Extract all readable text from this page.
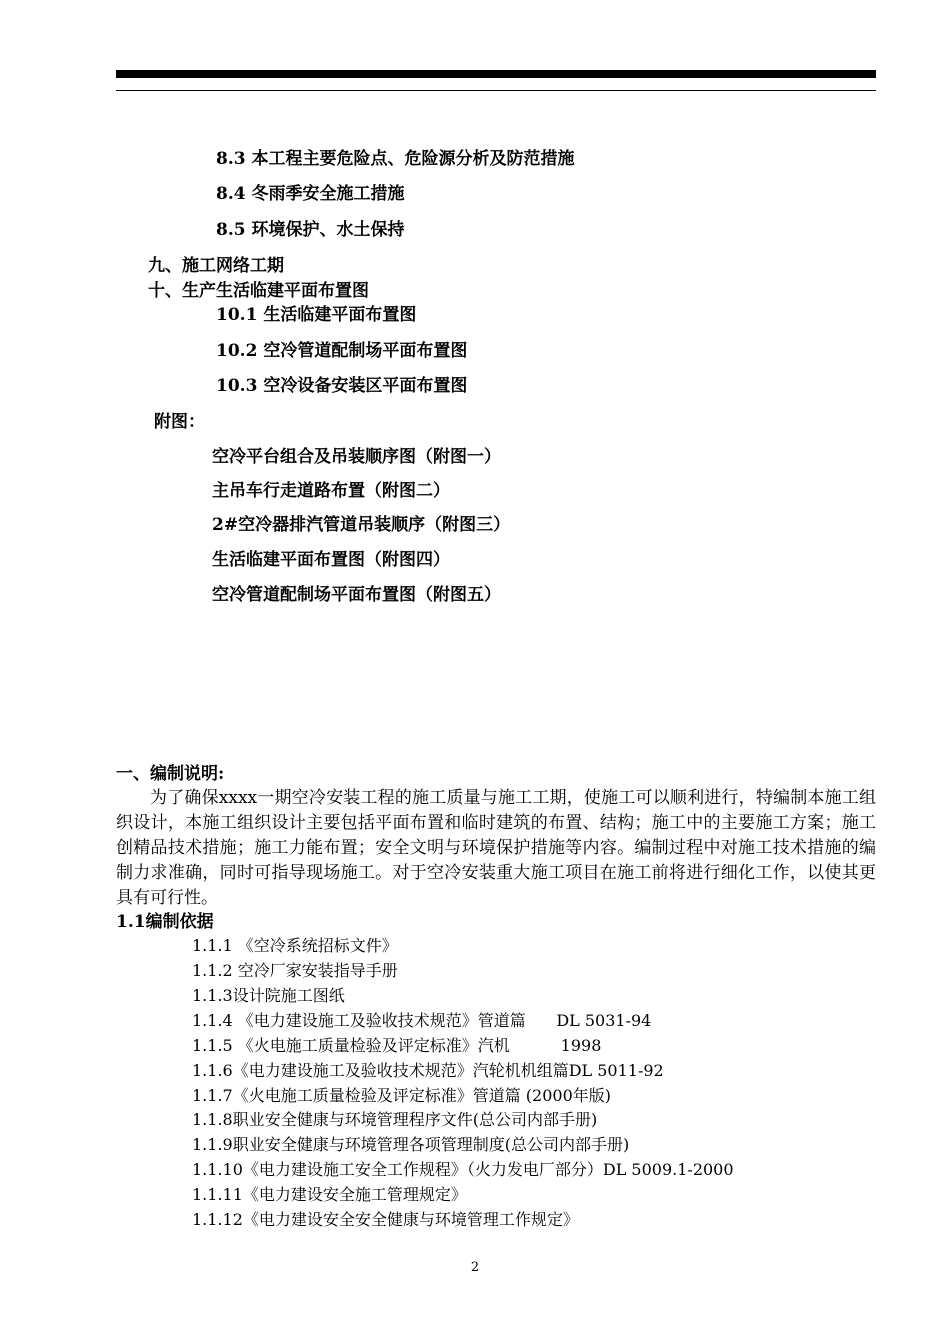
8.3 本工程主要危险点、危险源分析及防范措施
8.4 冬雨季安全施工措施
8.5 环境保护、水土保持
九、施工网络工期
十、生产生活临建平面布置图
10.1 生活临建平面布置图
10.2 空冷管道配制场平面布置图
10.3 空冷设备安装区平面布置图
附图：
空冷平台组合及吊装顺序图（附图一）
主吊车行走道路布置（附图二）
2#空冷器排汽管道吊装顺序（附图三）
生活临建平面布置图（附图四）
空冷管道配制场平面布置图（附图五）
一、编制说明:

为了确保xxxx一期空冷安装工程的施工质量与施工工期，使施工可以顺利进行，特编制本施工组织设计，本施工组织设计主要包括平面布置和临时建筑的布置、结构；施工中的主要施工方案；施工创精品技术措施；施工力能布置；安全文明与环境保护措施等内容。编制过程中对施工技术措施的编制力求准确，同时可指导现场施工。对于空冷安装重大施工项目在施工前将进行细化工作，以使其更具有可行性。

1.1编制依据
1.1.1 《空冷系统招标文件》
1.1.2 空冷厂家安装指导手册
1.1.3设计院施工图纸
1.1.4 《电力建设施工及验收技术规范》管道篇      DL 5031-94
1.1.5 《火电施工质量检验及评定标准》汽机          1998
1.1.6《电力建设施工及验收技术规范》汽轮机机组篇DL 5011-92
1.1.7《火电施工质量检验及评定标准》管道篇 (2000年版)
1.1.8职业安全健康与环境管理程序文件(总公司内部手册)
1.1.9职业安全健康与环境管理各项管理制度(总公司内部手册)
1.1.10《电力建设施工安全工作规程》（火力发电厂部分）DL 5009.1-2000
1.1.11《电力建设安全施工管理规定》
1.1.12《电力建设安全安全健康与环境管理工作规定》
2
